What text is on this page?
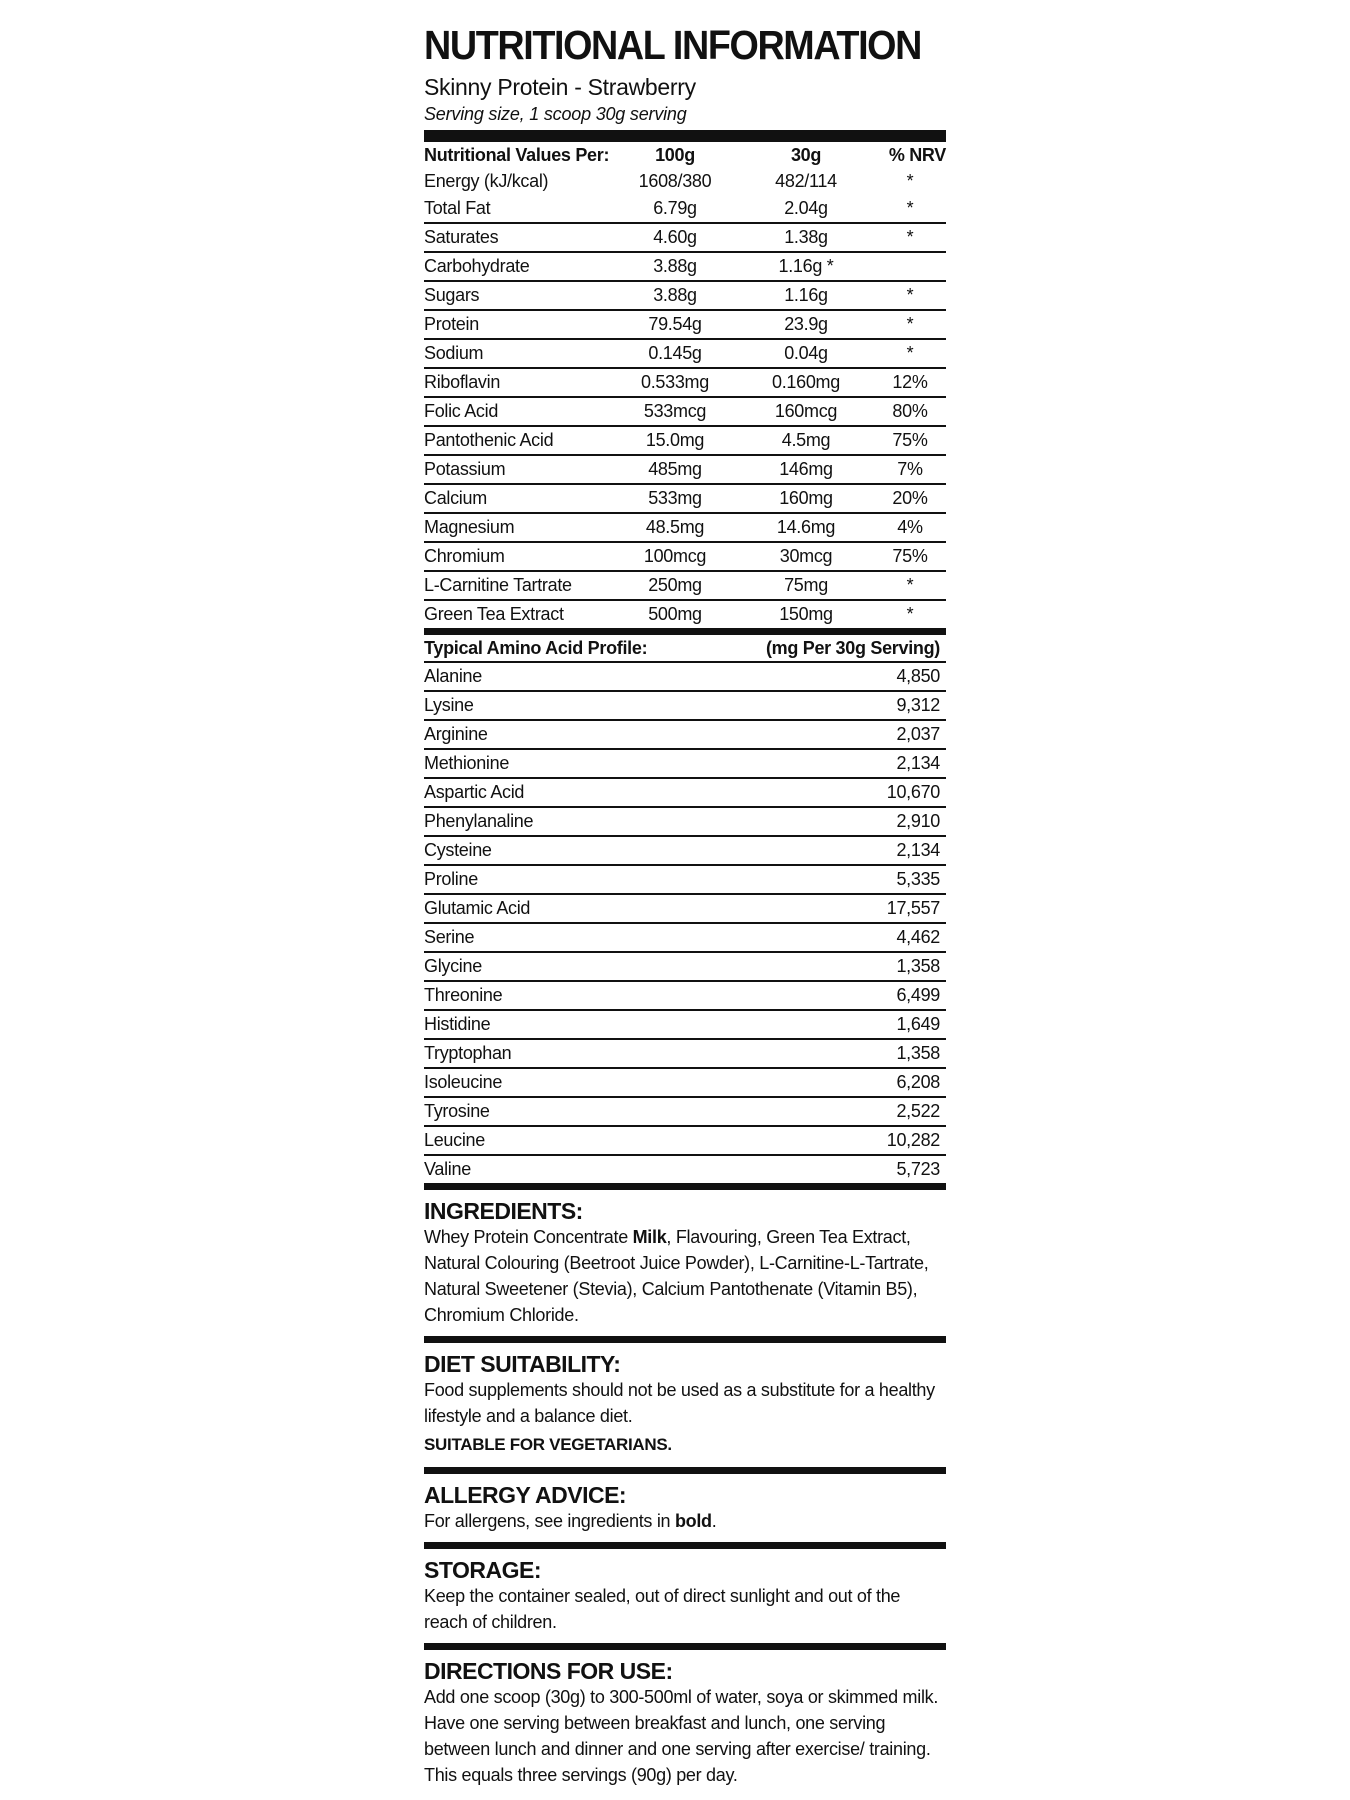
NUTRITIONAL INFORMATION
Skinny Protein - Strawberry
Serving size, 1 scoop 30g serving
Nutritional Values Per:	100g	30g	% NRV
Energy (kJ/kcal)	1608/380	482/114	*
Total Fat	6.79g	2.04g	*
Saturates	4.60g	1.38g	*
Carbohydrate	3.88g	1.16g *
Sugars	3.88g	1.16g	*
Protein	79.54g	23.9g	*
Sodium	0.145g	0.04g	*
Riboflavin	0.533mg	0.160mg	12%
Folic Acid	533mcg	160mcg	80%
Pantothenic Acid	15.0mg	4.5mg	75%
Potassium	485mg	146mg	7%
Calcium	533mg	160mg	20%
Magnesium	48.5mg	14.6mg	4%
Chromium	100mcg	30mcg	75%
L-Carnitine Tartrate	250mg	75mg	*
Green Tea Extract	500mg	150mg	*
Typical Amino Acid Profile:	(mg Per 30g Serving)
Alanine	4,850
Lysine	9,312
Arginine	2,037
Methionine	2,134
Aspartic Acid	10,670
Phenylanaline	2,910
Cysteine	2,134
Proline	5,335
Glutamic Acid	17,557
Serine	4,462
Glycine	1,358
Threonine	6,499
Histidine	1,649
Tryptophan	1,358
Isoleucine	6,208
Tyrosine	2,522
Leucine	10,282
Valine	5,723
INGREDIENTS:

Whey Protein Concentrate Milk, Flavouring, Green Tea Extract, Natural Colouring (Beetroot Juice Powder), L-Carnitine-L-Tartrate, Natural Sweetener (Stevia), Calcium Pantothenate (Vitamin B5), Chromium Chloride.

DIET SUITABILITY:

Food supplements should not be used as a substitute for a healthy lifestyle and a balance diet.

SUITABLE FOR VEGETARIANS.
ALLERGY ADVICE:

For allergens, see ingredients in bold.

STORAGE:

Keep the container sealed, out of direct sunlight and out of the reach of children.

DIRECTIONS FOR USE:

Add one scoop (30g) to 300-500ml of water, soya or skimmed milk. Have one serving between breakfast and lunch, one serving between lunch and dinner and one serving after exercise/ training. This equals three servings (90g) per day.
